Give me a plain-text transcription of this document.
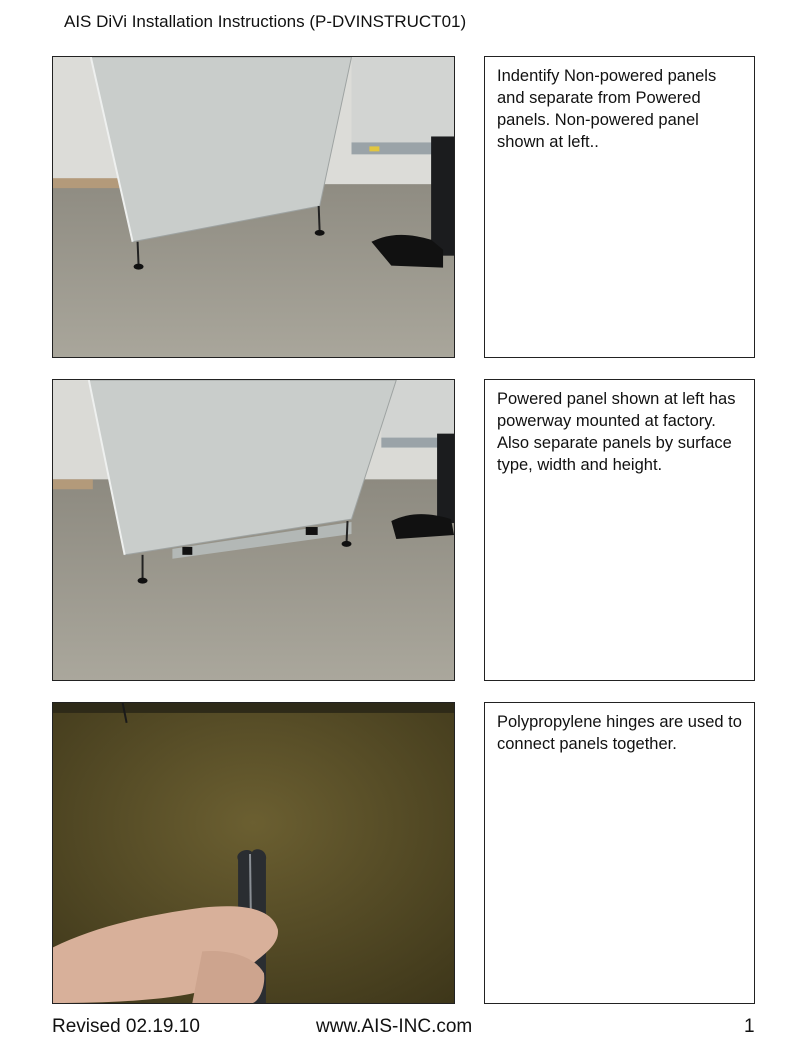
AIS DiVi Installation Instructions (P-DVINSTRUCT01)
Indentify Non-powered panels and separate from Powered panels. Non-powered panel shown at left..
Powered panel shown at left has powerway mounted at factory. Also separate panels by surface type, width and height.
Polypropylene hinges are used to connect panels together.
Revised 02.19.10	www.AIS-INC.com	1
